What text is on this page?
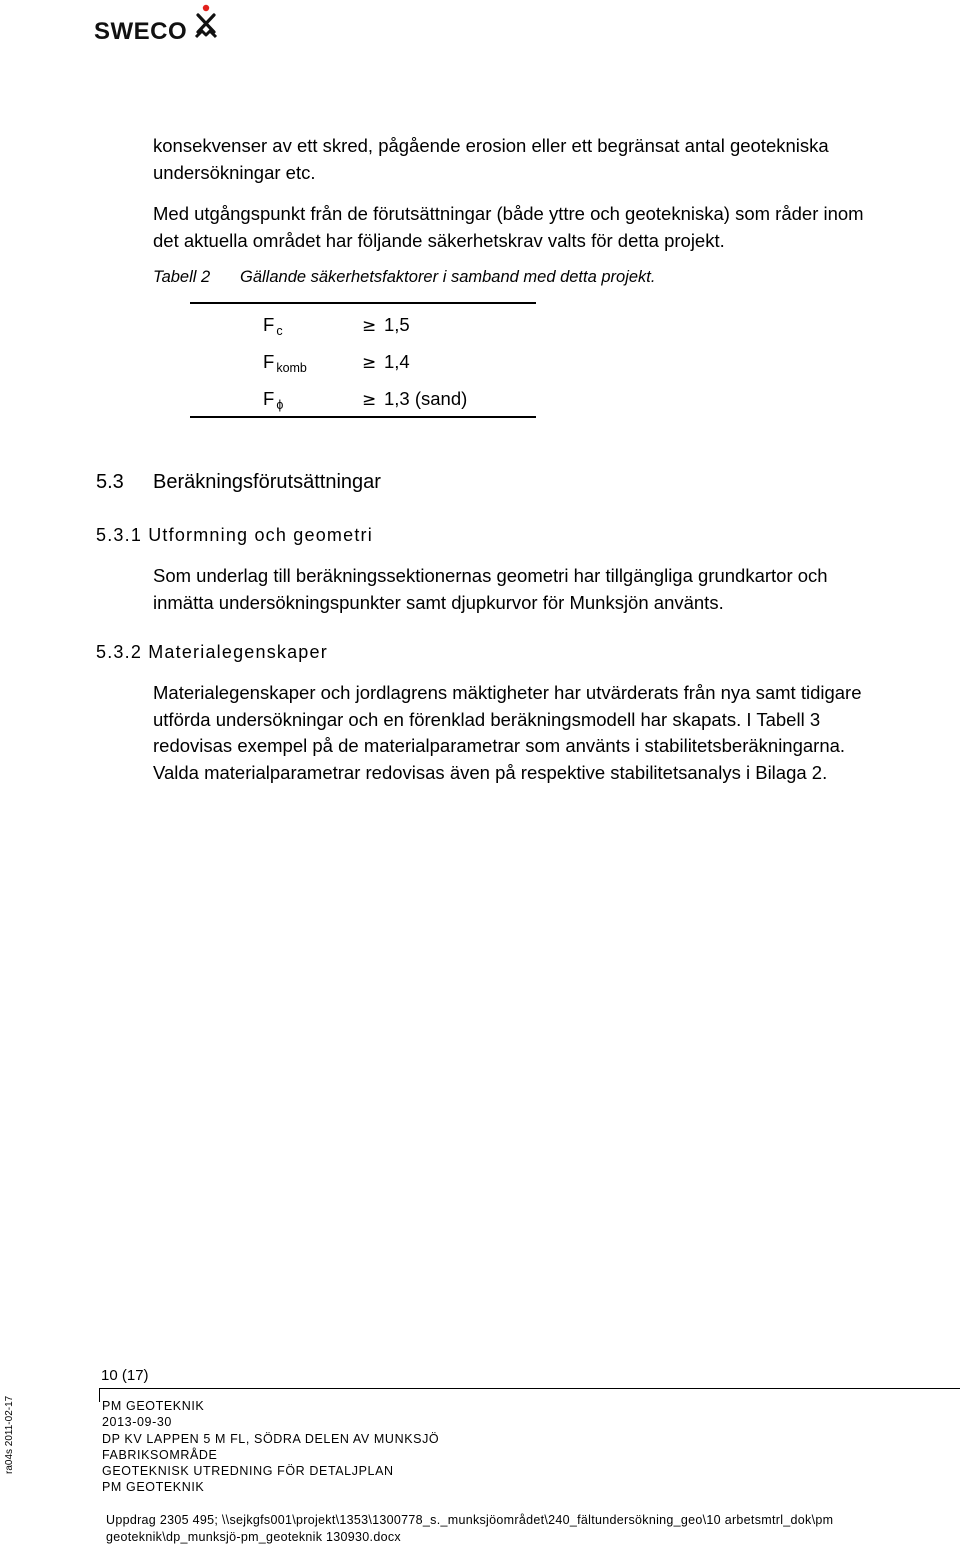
SWECO
konsekvenser av ett skred, pågående erosion eller ett begränsat antal geotekniska
undersökningar etc.
Med utgångspunkt från de förutsättningar (både yttre och geotekniska) som råder inom
det aktuella området har följande säkerhetskrav valts för detta projekt.
Tabell 2 Gällande säkerhetsfaktorer i samband med detta projekt.
F $_c$	≥ 1,5
F $_{komb}$	≥ 1,4
F $_\phi$	≥ 1,3 (sand)
5.3 Beräkningsförutsättningar
5.3.1 Utformning och geometri
Som underlag till beräkningssektionernas geometri har tillgängliga grundkartor och
inmätta undersökningspunkter samt djupkurvor för Munksjön använts.
5.3.2 Materialegenskaper
Materialegenskaper och jordlagrens mäktigheter har utvärderats från nya samt tidigare
utförda undersökningar och en förenklad beräkningsmodell har skapats. I Tabell 3
redovisas exempel på de materialparametrar som använts i stabilitetsberäkningarna.
Valda materialparametrar redovisas även på respektive stabilitetsanalys i Bilaga 2.
10 (17)
PM GEOTEKNIK
2013-09-30
DP KV LAPPEN 5 M FL, SÖDRA DELEN AV MUNKSJÖ
FABRIKSOMRÅDE
GEOTEKNISK UTREDNING FÖR DETALJPLAN
PM GEOTEKNIK
Uppdrag 2305 495; \\sejkgfs001\projekt\1353\1300778_s._munksjöområdet\240_fältundersökning_geo\10 arbetsmtrl_dok\pm
geoteknik\dp_munksjö-pm_geoteknik 130930.docx
ra04s 2011-02-17
